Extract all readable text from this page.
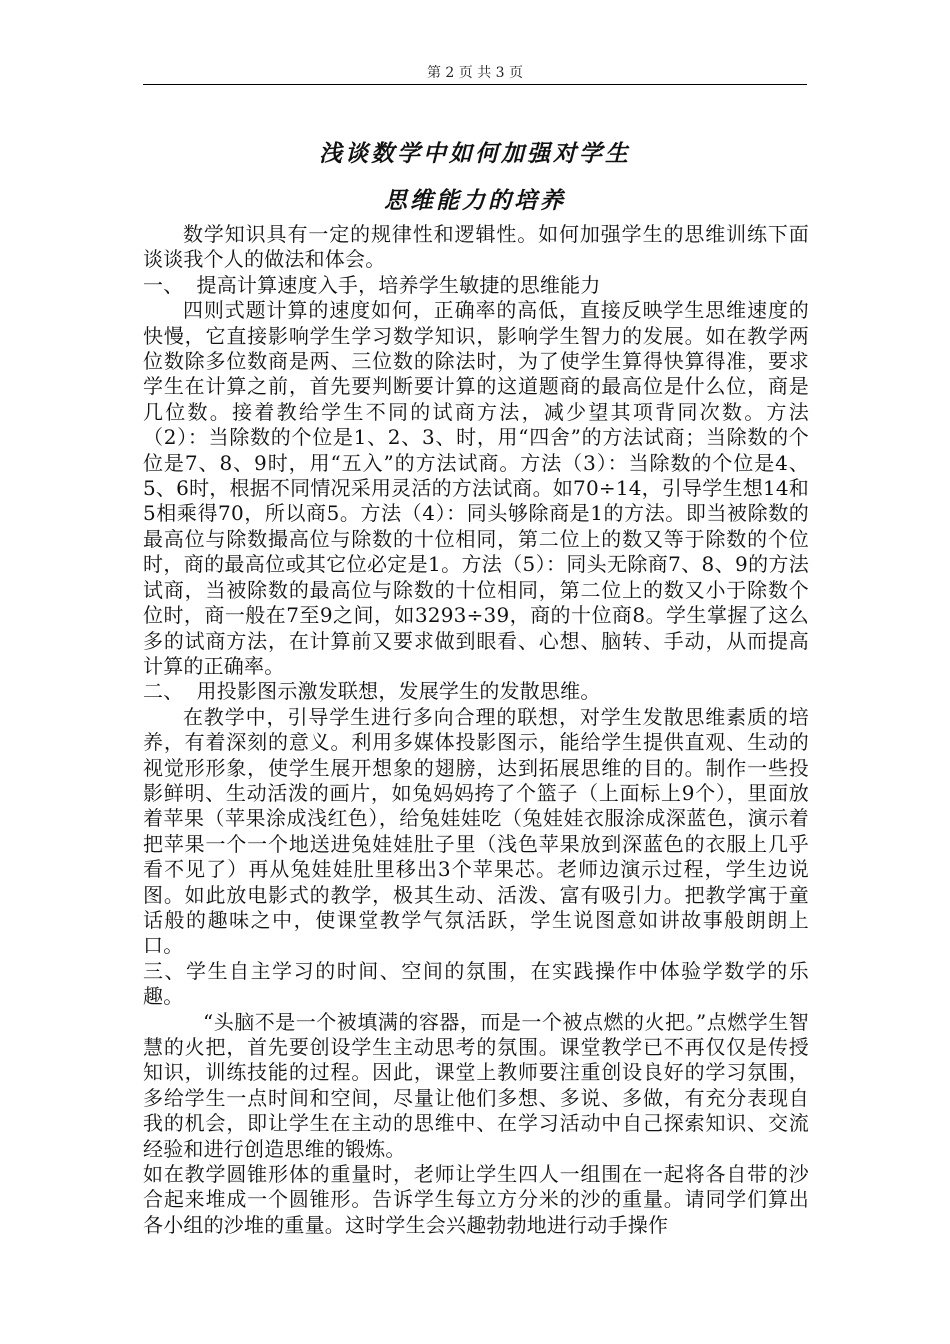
第 2 页 共 3 页
浅谈数学中如何加强对学生
思维能力的培养

数学知识具有一定的规律性和逻辑性。如何加强学生的思维训练下面谈谈我个人的做法和体会。

一、  提高计算速度入手，培养学生敏捷的思维能力

四则式题计算的速度如何，正确率的高低，直接反映学生思维速度的快慢，它直接影响学生学习数学知识，影响学生智力的发展。如在教学两位数除多位数商是两、三位数的除法时，为了使学生算得快算得准，要求学生在计算之前，首先要判断要计算的这道题商的最高位是什么位，商是几位数。接着教给学生不同的试商方法，减少望其项背同次数。方法（2）：当除数的个位是1、2、3、时，用“四舍”的方法试商；当除数的个位是7、8、9时，用“五入”的方法试商。方法（3）：当除数的个位是4、5、6时，根据不同情况采用灵活的方法试商。如70÷14，引导学生想14和5相乘得70，所以商5。方法（4）：同头够除商是1的方法。即当被除数的最高位与除数撮高位与除数的十位相同，第二位上的数又等于除数的个位时，商的最高位或其它位必定是1。方法（5）：同头无除商7、8、9的方法试商，当被除数的最高位与除数的十位相同，第二位上的数又小于除数个位时，商一般在7至9之间，如3293÷39，商的十位商8。学生掌握了这么多的试商方法，在计算前又要求做到眼看、心想、脑转、手动，从而提高计算的正确率。

二、  用投影图示激发联想，发展学生的发散思维。

在教学中，引导学生进行多向合理的联想，对学生发散思维素质的培养，有着深刻的意义。利用多媒体投影图示，能给学生提供直观、生动的视觉形形象，使学生展开想象的翅膀，达到拓展思维的目的。制作一些投影鲜明、生动活泼的画片，如兔妈妈挎了个篮子（上面标上9个），里面放着苹果（苹果涂成浅红色），给兔娃娃吃（兔娃娃衣服涂成深蓝色，演示着把苹果一个一个地送进兔娃娃肚子里（浅色苹果放到深蓝色的衣服上几乎看不见了）再从兔娃娃肚里移出3个苹果芯。老师边演示过程，学生边说图。如此放电影式的教学，极其生动、活泼、富有吸引力。把教学寓于童话般的趣味之中，使课堂教学气氛活跃，学生说图意如讲故事般朗朗上口。

三、学生自主学习的时间、空间的氛围，在实践操作中体验学数学的乐趣。

“头脑不是一个被填满的容器，而是一个被点燃的火把。”点燃学生智慧的火把，首先要创设学生主动思考的氛围。课堂教学已不再仅仅是传授知识，训练技能的过程。因此，课堂上教师要注重创设良好的学习氛围，多给学生一点时间和空间，尽量让他们多想、多说、多做，有充分表现自我的机会，即让学生在主动的思维中、在学习活动中自己探索知识、交流经验和进行创造思维的锻炼。

如在教学圆锥形体的重量时，老师让学生四人一组围在一起将各自带的沙合起来堆成一个圆锥形。告诉学生每立方分米的沙的重量。请同学们算出各小组的沙堆的重量。这时学生会兴趣勃勃地进行动手操作
